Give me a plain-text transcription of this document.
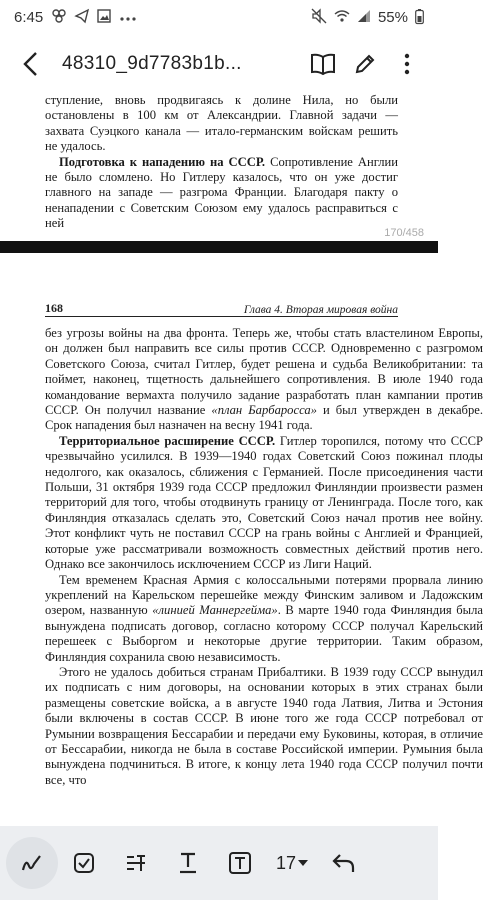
6:45	55%
48310_9d7783b1b...

ступление, вновь продвигаясь к долине Нила, но были остановлены в 100 км от Александрии. Главной задачи — захвата Суэцкого канала — итало-германским войскам решить не удалось.

Подготовка к нападению на СССР. Сопротивление Англии не было сломлено. Но Гитлеру казалось, что он уже достиг главного на западе — разгрома Франции. Благодаря пакту о ненападении с Советским Союзом ему удалось расправиться с ней

170/458
168	Глава 4. Вторая мировая война

без угрозы войны на два фронта. Теперь же, чтобы стать властелином Европы, он должен был направить все силы против СССР. Одновременно с разгромом Советского Союза, считал Гитлер, будет решена и судьба Великобритании: та поймет, наконец, тщетность дальнейшего сопротивления. В июле 1940 года командование вермахта получило задание разработать план кампании против СССР. Он получил название «план Барбаросса» и был утвержден в декабре. Срок нападения был назначен на весну 1941 года.

Территориальное расширение СССР. Гитлер торопился, потому что СССР чрезвычайно усилился. В 1939—1940 годах Советский Союз пожинал плоды недолгого, как оказалось, сближения с Германией. После присоединения части Польши, 31 октября 1939 года СССР предложил Финляндии произвести размен территорий для того, чтобы отодвинуть границу от Ленинграда. После того, как Финляндия отказалась сделать это, Советский Союз начал против нее войну. Этот конфликт чуть не поставил СССР на грань войны с Англией и Францией, которые уже рассматривали возможность совместных действий против него. Однако все закончилось исключением СССР из Лиги Наций.

Тем временем Красная Армия с колоссальными потерями прорвала линию укреплений на Карельском перешейке между Финским заливом и Ладожским озером, названную «линией Маннергейма». В марте 1940 года Финляндия была вынуждена подписать договор, согласно которому СССР получал Карельский перешеек с Выборгом и некоторые другие территории. Таким образом, Финляндия сохранила свою независимость.

Этого не удалось добиться странам Прибалтики. В 1939 году СССР вынудил их подписать с ним договоры, на основании которых в этих странах были размещены советские войска, а в августе 1940 года Латвия, Литва и Эстония были включены в состав СССР. В июне того же года СССР потребовал от Румынии возвращения Бессарабии и передачи ему Буковины, которая, в отличие от Бессарабии, никогда не была в составе Российской империи. Румыния была вынуждена подчиниться. В итоге, к концу лета 1940 года СССР получил почти все, что

17
